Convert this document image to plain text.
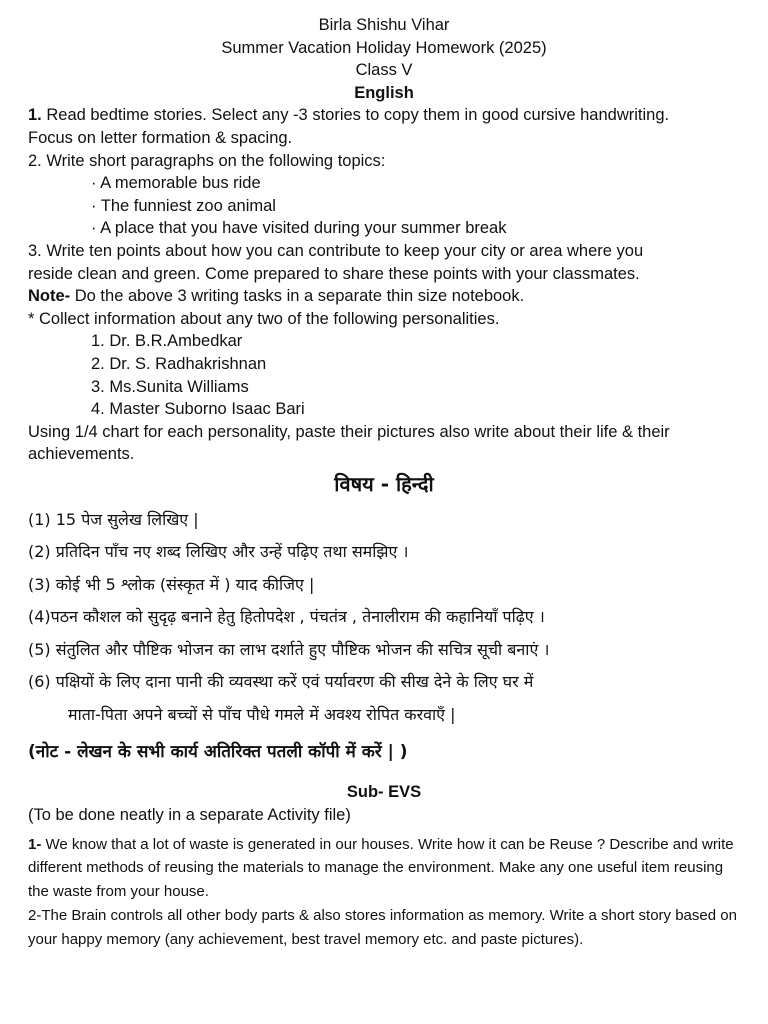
Birla Shishu Vihar
Summer Vacation Holiday Homework (2025)
Class V
English
1. Read bedtime stories. Select any -3 stories to copy them in good cursive handwriting.
Focus on letter formation & spacing.
2. Write short paragraphs on the following topics:
· A memorable bus ride
· The funniest zoo animal
· A place that you have visited during your summer break
3. Write ten points about how you can contribute to keep your city or area where you
reside clean and green. Come prepared to share these points with your classmates.
Note- Do the above 3 writing tasks in a separate thin size notebook.
* Collect information about any two of the following personalities.
1. Dr. B.R.Ambedkar
2. Dr. S. Radhakrishnan
3. Ms.Sunita Williams
4. Master Suborno Isaac Bari
Using 1/4 chart for each personality, paste their pictures also write about their life & their
achievements.
विषय - हिन्दी
(1) 15 पेज सुलेख लिखिए |
(2) प्रतिदिन पाँच नए शब्द लिखिए और उन्हें पढ़िए तथा समझिए ।
(3) कोई भी 5 श्लोक (संस्कृत में ) याद कीजिए |
(4)पठन कौशल को सुदृढ़ बनाने हेतु हितोपदेश , पंचतंत्र , तेनालीराम की कहानियाँ पढ़िए ।
(5) संतुलित और पौष्टिक भोजन का लाभ दर्शाते हुए पौष्टिक भोजन की सचित्र सूची बनाएं ।
(6) पक्षियों के लिए दाना पानी की व्यवस्था करें एवं पर्यावरण की सीख देने के लिए घर में
माता-पिता अपने बच्चों से पाँच पौधे गमले में अवश्य रोपित करवाएँ |
(नोट - लेखन के सभी कार्य अतिरिक्त पतली कॉपी में करें | )
Sub- EVS
(To be done neatly in a separate Activity file)
1- We know that a lot of waste is generated in our houses. Write how it can be Reuse ? Describe and write different methods of reusing the materials to manage the environment. Make any one useful item reusing the waste from your house.
2-The Brain controls all other body parts & also stores information as memory. Write a short story based on your happy memory (any achievement, best travel memory etc. and paste pictures).
